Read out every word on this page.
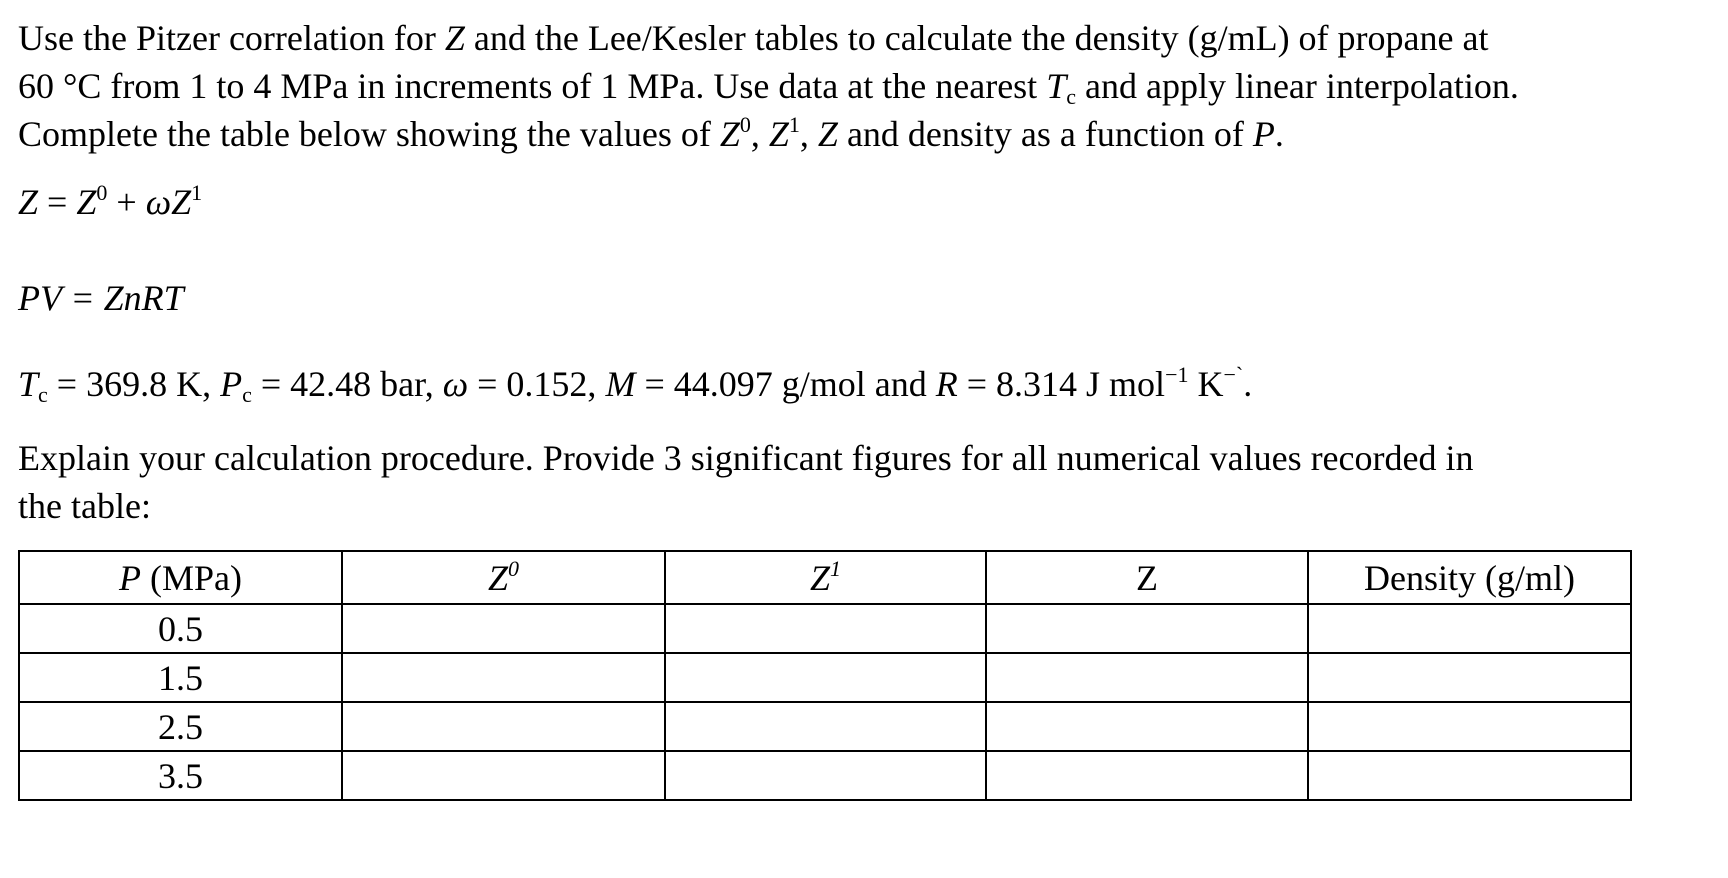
Use the Pitzer correlation for Z and the Lee/Kesler tables to calculate the density (g/mL) of propane at
60 °C from 1 to 4 MPa in increments of 1 MPa. Use data at the nearest $T_c$ and apply linear interpolation.
Complete the table below showing the values of $Z^0$, $Z^1$, Z and density as a function of P.

$Z = Z^0 + \omega Z^1$

PV = ZnRT

$T_c = 369.8$ K, $P_c = 42.48$ bar, ω = 0.152, M = 44.097 g/mol and R = 8.314 J mol$^{-1}$ K−`.

Explain your calculation procedure. Provide 3 significant figures for all numerical values recorded in
the table:

P (MPa)	$Z^0$	$Z^1$	Z	Density (g/ml)
0.5				
1.5				
2.5				
3.5				
